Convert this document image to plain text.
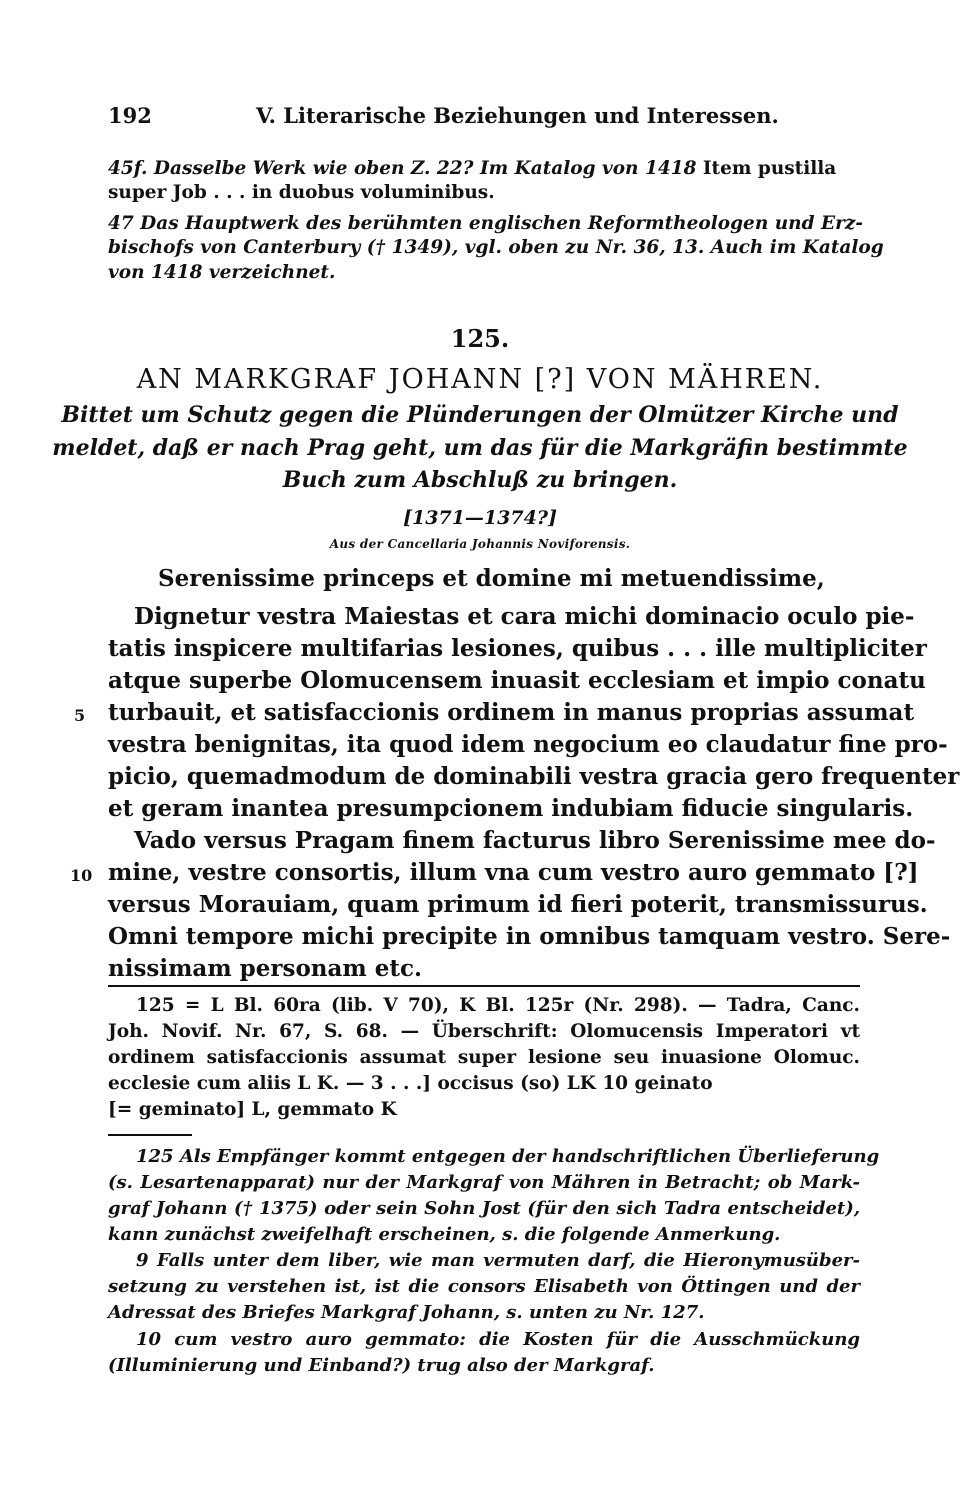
192	V. Literarische Beziehungen und Interessen.
45f. Dasselbe Werk wie oben Z. 22? Im Katalog von 1418 Item pustilla
super Job . . . in duobus voluminibus.
47 Das Hauptwerk des berühmten englischen Reformtheologen und Erz-
bischofs von Canterbury († 1349), vgl. oben zu Nr. 36, 13. Auch im Katalog
von 1418 verzeichnet.
125.
AN MARKGRAF JOHANN [?] VON MÄHREN.
Bittet um Schutz gegen die Plünderungen der Olmützer Kirche und
meldet, daß er nach Prag geht, um das für die Markgräfin bestimmte
Buch zum Abschluß zu bringen.
[1371—1374?]
Aus der Cancellaria Johannis Noviforensis.
Serenissime princeps et domine mi metuendissime,
Dignetur vestra Maiestas et cara michi dominacio oculo pie-
tatis inspicere multifarias lesiones, quibus . . . ille multipliciter
atque superbe Olomucensem inuasit ecclesiam et impio conatu
turbauit, et satisfaccionis ordinem in manus proprias assumat
vestra benignitas, ita quod idem negocium eo claudatur fine pro-
picio, quemadmodum de dominabili vestra gracia gero frequenter
et geram inantea presumpcionem indubiam fiducie singularis.
Vado versus Pragam finem facturus libro Serenissime mee do-
mine, vestre consortis, illum vna cum vestro auro gemmato [?]
versus Morauiam, quam primum id fieri poterit, transmissurus.
Omni tempore michi precipite in omnibus tamquam vestro. Sere-
nissimam personam etc.
5
10
125 = L Bl. 60ra (lib. V 70), K Bl. 125r (Nr. 298). — Tadra, Canc.
Joh. Novif. Nr. 67, S. 68. — Überschrift: Olomucensis Imperatori vt
ordinem satisfaccionis assumat super lesione seu inuasione Olomuc.
ecclesie cum aliis L K. — 3 . . .] occisus (so) LK 10 geinato
[= geminato] L, gemmato K
125 Als Empfänger kommt entgegen der handschriftlichen Überlieferung
(s. Lesartenapparat) nur der Markgraf von Mähren in Betracht; ob Mark-
graf Johann († 1375) oder sein Sohn Jost (für den sich Tadra entscheidet),
kann zunächst zweifelhaft erscheinen, s. die folgende Anmerkung.
9 Falls unter dem liber, wie man vermuten darf, die Hieronymusüber-
setzung zu verstehen ist, ist die consors Elisabeth von Öttingen und der
Adressat des Briefes Markgraf Johann, s. unten zu Nr. 127.
10 cum vestro auro gemmato: die Kosten für die Ausschmückung
(Illuminierung und Einband?) trug also der Markgraf.
